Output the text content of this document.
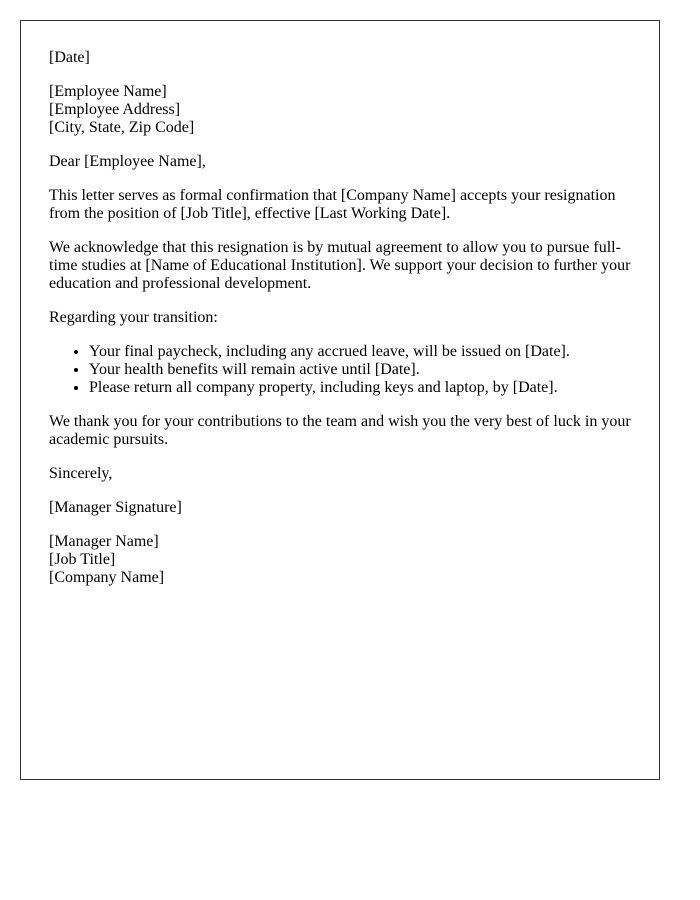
[Date]
[Employee Name]
[Employee Address]
[City, State, Zip Code]

Dear [Employee Name],

This letter serves as formal confirmation that [Company Name] accepts your resignation from the position of [Job Title], effective [Last Working Date].

We acknowledge that this resignation is by mutual agreement to allow you to pursue full-time studies at [Name of Educational Institution]. We support your decision to further your education and professional development.

Regarding your transition:

• Your final paycheck, including any accrued leave, will be issued on [Date].
• Your health benefits will remain active until [Date].
• Please return all company property, including keys and laptop, by [Date].

We thank you for your contributions to the team and wish you the very best of luck in your academic pursuits.

Sincerely,

[Manager Signature]

[Manager Name]
[Job Title]
[Company Name]
